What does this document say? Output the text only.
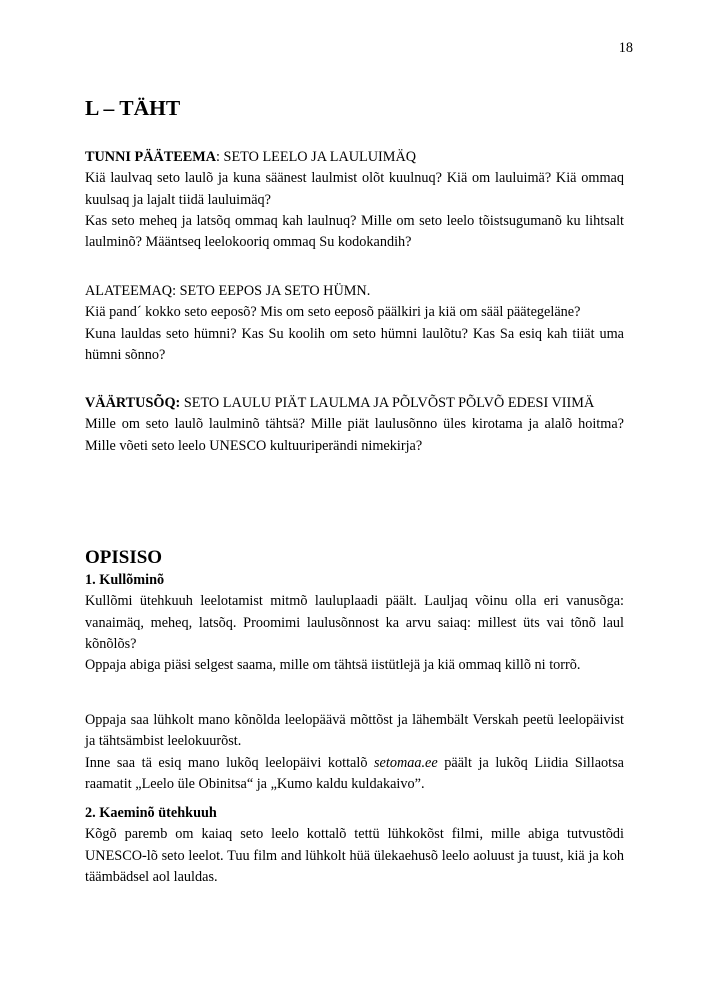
18
L – TÄHT

TUNNI PÄÄTEEMA: SETO LEELO JA LAULUIMÄQ

Kiä laulvaq seto laulõ ja kuna säänest laulmist olõt kuulnuq? Kiä om lauluimä? Kiä ommaq kuulsaq ja lajalt tiidä lauluimäq?

Kas seto meheq ja latsõq ommaq kah laulnuq? Mille om seto leelo tõistsugumanõ ku lihtsalt laulminõ? Määntseq leelokooriq ommaq Su kodokandih?

ALATEEMAQ: SETO EEPOS JA SETO HÜMN.

Kiä pand´ kokko seto eeposõ? Mis om seto eeposõ päälkiri ja kiä om sääl päätegeläne?

Kuna lauldas seto hümni? Kas Su koolih om seto hümni laulõtu? Kas Sa esiq kah tiiät uma hümni sõnno?

VÄÄRTUSÕQ: SETO LAULU PIÄT LAULMA JA PÕLVÕST PÕLVÕ EDESI VIIMÄ

Mille om seto laulõ laulminõ tähtsä? Mille piät laulusõnno üles kirotama ja alalõ hoitma? Mille võeti seto leelo UNESCO kultuuriperändi nimekirja?

OPISISO

1. Kullõminõ

Kullõmi ütehkuuh leelotamist mitmõ lauluplaadi päält. Lauljaq võinu olla eri vanusõga: vanaimäq, meheq, latsõq. Proomimi laulusõnnost ka arvu saiaq: millest üts vai tõnõ laul kõnõlõs?

Oppaja abiga piäsi selgest saama, mille om tähtsä iistütlejä ja kiä ommaq killõ ni torrõ.

Oppaja saa lühkolt mano kõnõlda leelopäävä mõttõst ja lähembält Verskah peetü leelopäivist ja tähtsämbist leelokuurõst.

Inne saa tä esiq mano lukõq leelopäivi kottalõ setomaa.ee päält ja lukõq Liidia Sillaotsa raamatit „Leelo üle Obinitsa“ ja „Kumo kaldu kuldakaivo”.

2. Kaeminõ ütehkuuh

Kõgõ paremb om kaiaq seto leelo kottalõ tettü lühkokõst filmi, mille abiga tutvustõdi UNESCO-lõ seto leelot. Tuu film and lühkolt hüä ülekaehusõ leelo aoluust ja tuust, kiä ja koh täämbädsel aol lauldas.
